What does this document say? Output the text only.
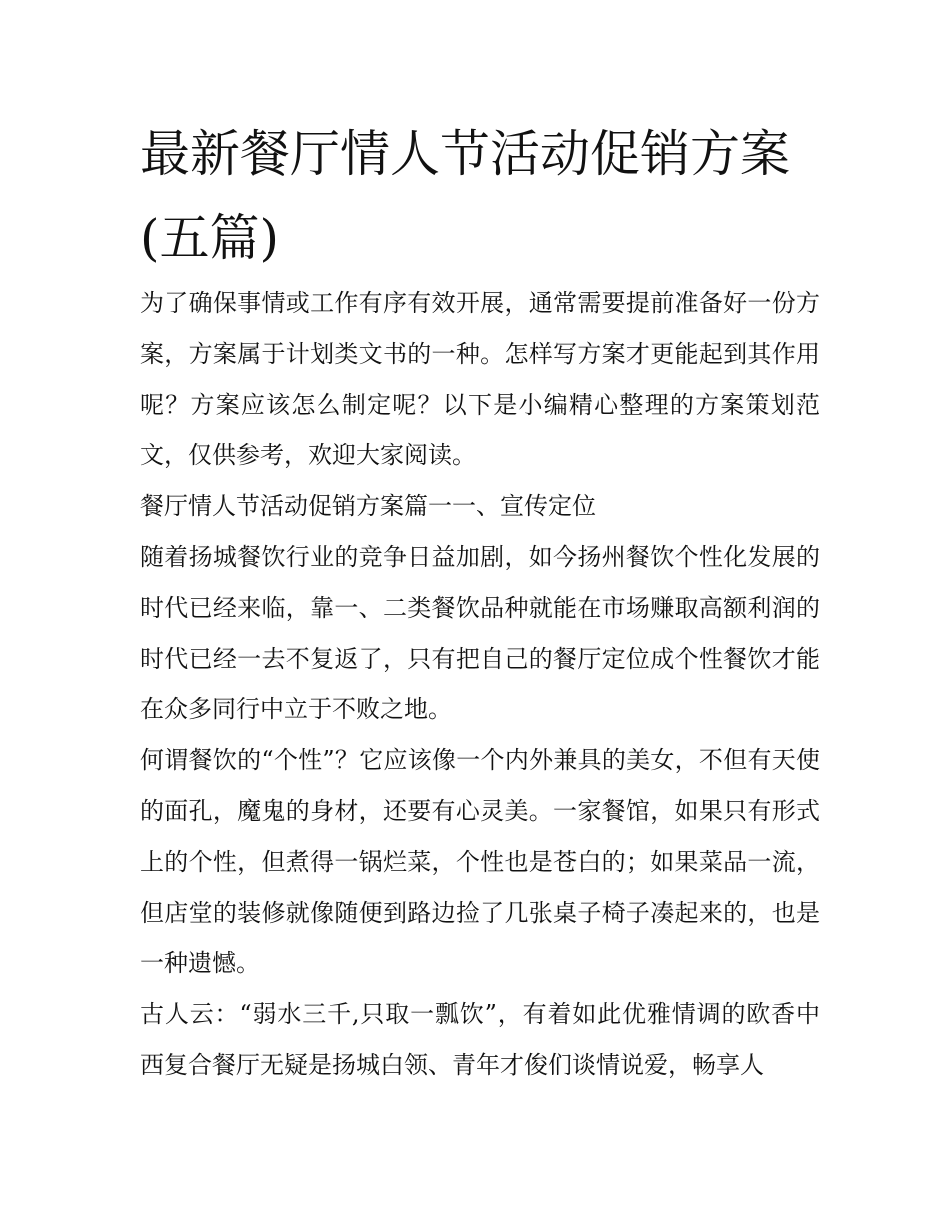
最新餐厅情人节活动促销方案(五篇)

为了确保事情或工作有序有效开展，通常需要提前准备好一份方案，方案属于计划类文书的一种。怎样写方案才更能起到其作用呢？方案应该怎么制定呢？以下是小编精心整理的方案策划范文，仅供参考，欢迎大家阅读。

餐厅情人节活动促销方案篇一一、宣传定位

随着扬城餐饮行业的竞争日益加剧，如今扬州餐饮个性化发展的时代已经来临，靠一、二类餐饮品种就能在市场赚取高额利润的时代已经一去不复返了，只有把自己的餐厅定位成个性餐饮才能在众多同行中立于不败之地。

何谓餐饮的“个性”？它应该像一个内外兼具的美女，不但有天使的面孔，魔鬼的身材，还要有心灵美。一家餐馆，如果只有形式上的个性，但煮得一锅烂菜，个性也是苍白的；如果菜品一流，但店堂的装修就像随便到路边捡了几张桌子椅子凑起来的，也是一种遗憾。

古人云：“弱水三千,只取一瓢饮”，有着如此优雅情调的欧香中西复合餐厅无疑是扬城白领、青年才俊们谈情说爱，畅享人
